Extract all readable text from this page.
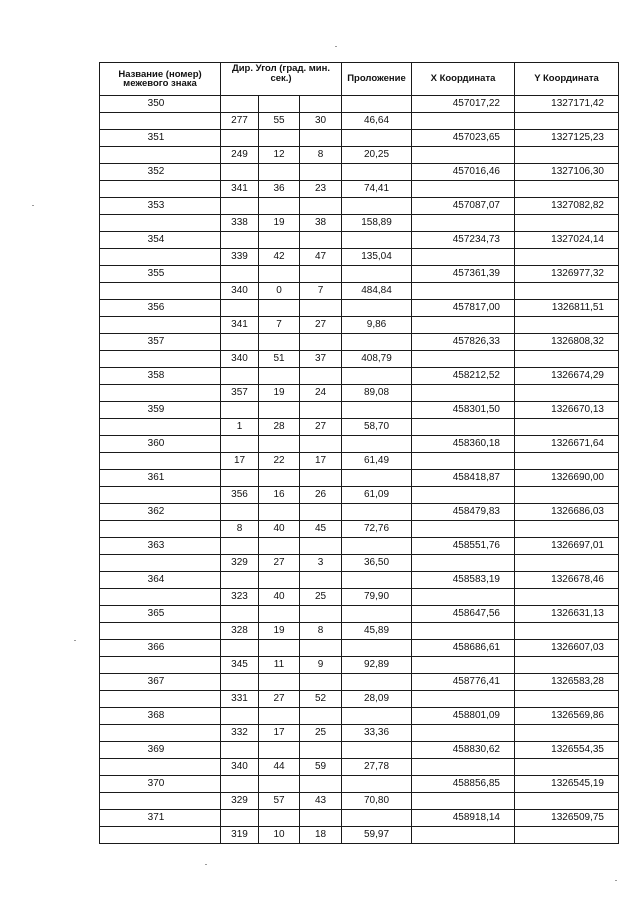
Название (номер) межевого знака	Дир. Угол (град. мин. сек.)			Проложение	X Координата	Y Координата
350					457017,22	1327171,42
	277	55	30	46,64		
351					457023,65	1327125,23
	249	12	8	20,25		
352					457016,46	1327106,30
	341	36	23	74,41		
353					457087,07	1327082,82
	338	19	38	158,89		
354					457234,73	1327024,14
	339	42	47	135,04		
355					457361,39	1326977,32
	340	0	7	484,84		
356					457817,00	1326811,51
	341	7	27	9,86		
357					457826,33	1326808,32
	340	51	37	408,79		
358					458212,52	1326674,29
	357	19	24	89,08		
359					458301,50	1326670,13
	1	28	27	58,70		
360					458360,18	1326671,64
	17	22	17	61,49		
361					458418,87	1326690,00
	356	16	26	61,09		
362					458479,83	1326686,03
	8	40	45	72,76		
363					458551,76	1326697,01
	329	27	3	36,50		
364					458583,19	1326678,46
	323	40	25	79,90		
365					458647,56	1326631,13
	328	19	8	45,89		
366					458686,61	1326607,03
	345	11	9	92,89		
367					458776,41	1326583,28
	331	27	52	28,09		
368					458801,09	1326569,86
	332	17	25	33,36		
369					458830,62	1326554,35
	340	44	59	27,78		
370					458856,85	1326545,19
	329	57	43	70,80		
371					458918,14	1326509,75
	319	10	18	59,97		
